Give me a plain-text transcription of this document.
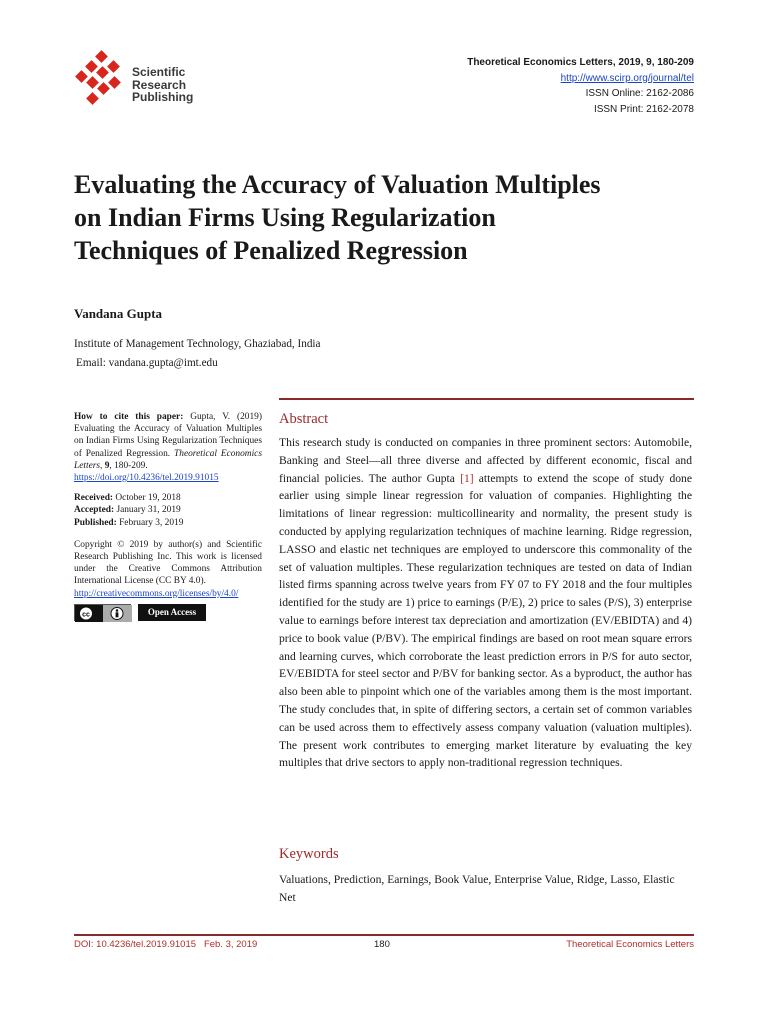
Scientific
Research
Publishing
Theoretical Economics Letters, 2019, 9, 180-209
http://www.scirp.org/journal/tel
ISSN Online: 2162-2086
ISSN Print: 2162-2078
Evaluating the Accuracy of Valuation Multiples
on Indian Firms Using Regularization
Techniques of Penalized Regression
Vandana Gupta
Institute of Management Technology, Ghaziabad, India
Email: vandana.gupta@imt.edu

How to cite this paper: Gupta, V. (2019) Evaluating the Accuracy of Valuation Multiples on Indian Firms Using Regularization Techniques of Penalized Regression. Theoretical Economics Letters, 9, 180-209.
https://doi.org/10.4236/tel.2019.91015

Received: October 19, 2018
Accepted: January 31, 2019
Published: February 3, 2019

Copyright © 2019 by author(s) and Scientific Research Publishing Inc. This work is licensed under the Creative Commons Attribution International License (CC BY 4.0).
http://creativecommons.org/licenses/by/4.0/

cc	Open Access
Abstract

This research study is conducted on companies in three prominent sectors: Automobile, Banking and Steel—all three diverse and affected by different economic, fiscal and financial policies. The author Gupta [1] attempts to extend the scope of study done earlier using simple linear regression for valuation of companies. Highlighting the limitations of linear regression: multicollinearity and normality, the present study is conducted by applying regularization techniques of machine learning. Ridge regression, LASSO and elastic net techniques are employed to underscore this commonality of the set of valuation multiples. These regularization techniques are tested on data of Indian listed firms spanning across twelve years from FY 07 to FY 2018 and the four multiples identified for the study are 1) price to earnings (P/E), 2) price to sales (P/S), 3) enterprise value to earnings before interest tax depreciation and amortization (EV/EBIDTA) and 4) price to book value (P/BV). The empirical findings are based on root mean square errors and learning curves, which corroborate the least prediction errors in P/S for auto sector, EV/EBIDTA for steel sector and P/BV for banking sector. As a byproduct, the author has also been able to pinpoint which one of the variables among them is the most important. The study concludes that, in spite of differing sectors, a certain set of common variables can be used across them to effectively assess company valuation (valuation multiples). The present work contributes to emerging market literature by evaluating the key multiples that drive sectors to apply non-traditional regression techniques.

Keywords

Valuations, Prediction, Earnings, Book Value, Enterprise Value, Ridge, Lasso, Elastic Net

DOI: 10.4236/tel.2019.91015 Feb. 3, 2019	180	Theoretical Economics Letters
